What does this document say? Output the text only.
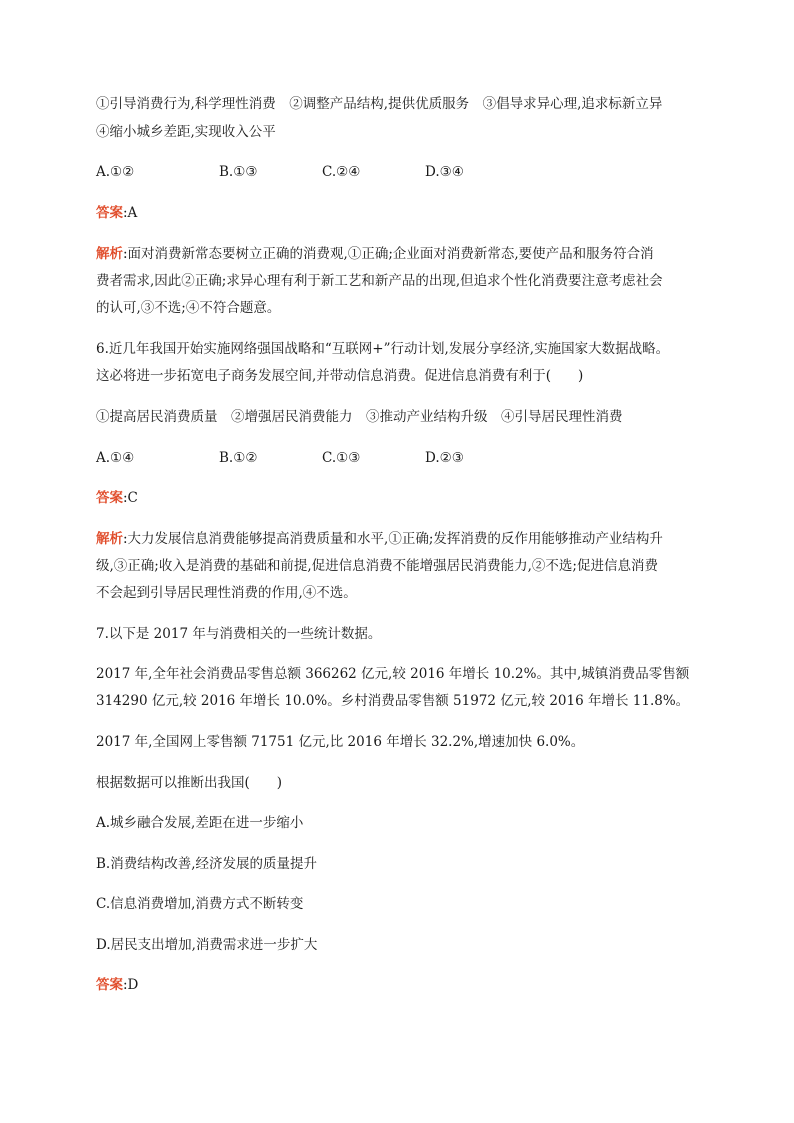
①引导消费行为,科学理性消费　②调整产品结构,提供优质服务　③倡导求异心理,追求标新立异
④缩小城乡差距,实现收入公平
A.①②	B.①③	C.②④	D.③④
答案:A
解析:面对消费新常态要树立正确的消费观,①正确;企业面对消费新常态,要使产品和服务符合消
费者需求,因此②正确;求异心理有利于新工艺和新产品的出现,但追求个性化消费要注意考虑社会
的认可,③不选;④不符合题意。
6.近几年我国开始实施网络强国战略和“互联网+”行动计划,发展分享经济,实施国家大数据战略。
这必将进一步拓宽电子商务发展空间,并带动信息消费。促进信息消费有利于(　　)
①提高居民消费质量　②增强居民消费能力　③推动产业结构升级　④引导居民理性消费
A.①④	B.①②	C.①③	D.②③
答案:C
解析:大力发展信息消费能够提高消费质量和水平,①正确;发挥消费的反作用能够推动产业结构升
级,③正确;收入是消费的基础和前提,促进信息消费不能增强居民消费能力,②不选;促进信息消费
不会起到引导居民理性消费的作用,④不选。
7.以下是 2017 年与消费相关的一些统计数据。
2017 年,全年社会消费品零售总额 366262 亿元,较 2016 年增长 10.2%。其中,城镇消费品零售额
314290 亿元,较 2016 年增长 10.0%。乡村消费品零售额 51972 亿元,较 2016 年增长 11.8%。
2017 年,全国网上零售额 71751 亿元,比 2016 年增长 32.2%,增速加快 6.0%。
根据数据可以推断出我国(　　)
A.城乡融合发展,差距在进一步缩小
B.消费结构改善,经济发展的质量提升
C.信息消费增加,消费方式不断转变
D.居民支出增加,消费需求进一步扩大
答案:D
